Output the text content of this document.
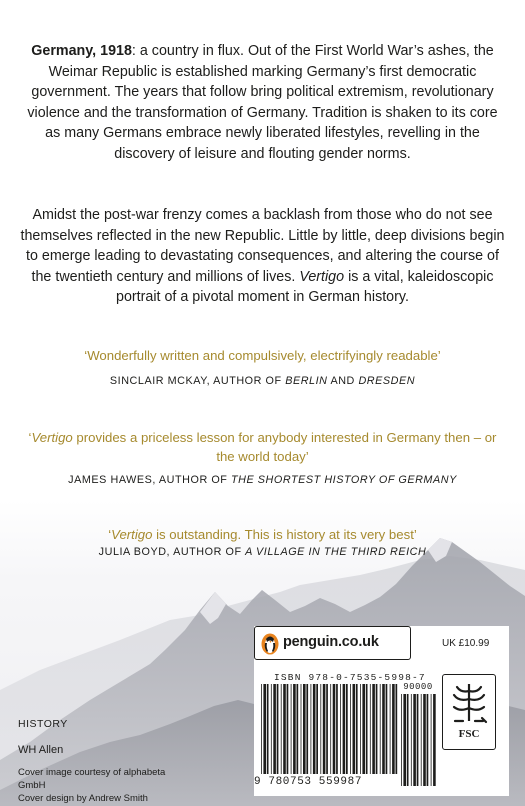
Germany, 1918: a country in flux. Out of the First World War’s ashes, the Weimar Republic is established marking Germany’s first democratic government. The years that follow bring political extremism, revolutionary violence and the transformation of Germany. Tradition is shaken to its core as many Germans embrace newly liberated lifestyles, revelling in the discovery of leisure and flouting gender norms.
Amidst the post-war frenzy comes a backlash from those who do not see themselves reflected in the new Republic. Little by little, deep divisions begin to emerge leading to devastating consequences, and altering the course of the twentieth century and millions of lives. Vertigo is a vital, kaleidoscopic portrait of a pivotal moment in German history.
‘Wonderfully written and compulsively, electrifyingly readable’
SINCLAIR MCKAY, AUTHOR OF BERLIN AND DRESDEN
‘Vertigo provides a priceless lesson for anybody interested in Germany then – or the world today’
JAMES HAWES, AUTHOR OF THE SHORTEST HISTORY OF GERMANY
‘Vertigo is outstanding. This is history at its very best’
JULIA BOYD, AUTHOR OF A VILLAGE IN THE THIRD REICH
HISTORY
WH Allen
Cover image courtesy of alphabeta GmbH
Cover design by Andrew Smith
penguin.co.uk	UK £10.99
ISBN 978-0-7535-5998-7
90000
9 780753 559987
FSC
